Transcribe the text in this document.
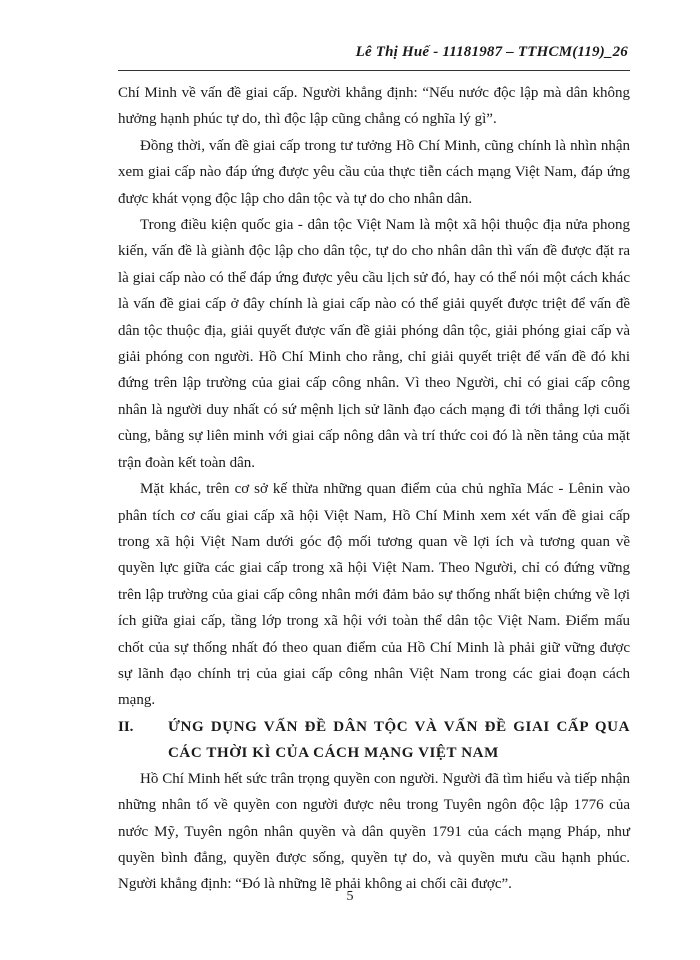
Lê Thị Huế - 11181987 – TTHCM(119)_26

Chí Minh về vấn đề giai cấp. Người khẳng định: “Nếu nước độc lập mà dân không hưởng hạnh phúc tự do, thì độc lập cũng chẳng có nghĩa lý gì”.

Đồng thời, vấn đề giai cấp trong tư tưởng Hồ Chí Minh, cũng chính là nhìn nhận xem giai cấp nào đáp ứng được yêu cầu của thực tiễn cách mạng Việt Nam, đáp ứng được khát vọng độc lập cho dân tộc và tự do cho nhân dân.

Trong điều kiện quốc gia - dân tộc Việt Nam là một xã hội thuộc địa nửa phong kiến, vấn đề là giành độc lập cho dân tộc, tự do cho nhân dân thì vấn đề được đặt ra là giai cấp nào có thể đáp ứng được yêu cầu lịch sử đó, hay có thể nói một cách khác là vấn đề giai cấp ở đây chính là giai cấp nào có thể giải quyết được triệt để vấn đề dân tộc thuộc địa, giải quyết được vấn đề giải phóng dân tộc, giải phóng giai cấp và giải phóng con người. Hồ Chí Minh cho rằng, chỉ giải quyết triệt để vấn đề đó khi đứng trên lập trường của giai cấp công nhân. Vì theo Người, chỉ có giai cấp công nhân là người duy nhất có sứ mệnh lịch sử lãnh đạo cách mạng đi tới thắng lợi cuối cùng, bằng sự liên minh với giai cấp nông dân và trí thức coi đó là nền tảng của mặt trận đoàn kết toàn dân.

Mặt khác, trên cơ sở kế thừa những quan điểm của chủ nghĩa Mác - Lênin vào phân tích cơ cấu giai cấp xã hội Việt Nam, Hồ Chí Minh xem xét vấn đề giai cấp trong xã hội Việt Nam dưới góc độ mối tương quan về lợi ích và tương quan về quyền lực giữa các giai cấp trong xã hội Việt Nam. Theo Người, chỉ có đứng vững trên lập trường của giai cấp công nhân mới đảm bảo sự thống nhất biện chứng về lợi ích giữa giai cấp, tầng lớp trong xã hội với toàn thể dân tộc Việt Nam. Điểm mấu chốt của sự thống nhất đó theo quan điểm của Hồ Chí Minh là phải giữ vững được sự lãnh đạo chính trị của giai cấp công nhân Việt Nam trong các giai đoạn cách mạng.

II.	ỨNG DỤNG VẤN ĐỀ DÂN TỘC VÀ VẤN ĐỀ GIAI CẤP QUA CÁC THỜI KÌ CỦA CÁCH MẠNG VIỆT NAM

Hồ Chí Minh hết sức trân trọng quyền con người. Người đã tìm hiểu và tiếp nhận những nhân tố về quyền con người được nêu trong Tuyên ngôn độc lập 1776 của nước Mỹ, Tuyên ngôn nhân quyền và dân quyền 1791 của cách mạng Pháp, như quyền bình đẳng, quyền được sống, quyền tự do, và quyền mưu cầu hạnh phúc. Người khẳng định: “Đó là những lẽ phải không ai chối cãi được”.

5
